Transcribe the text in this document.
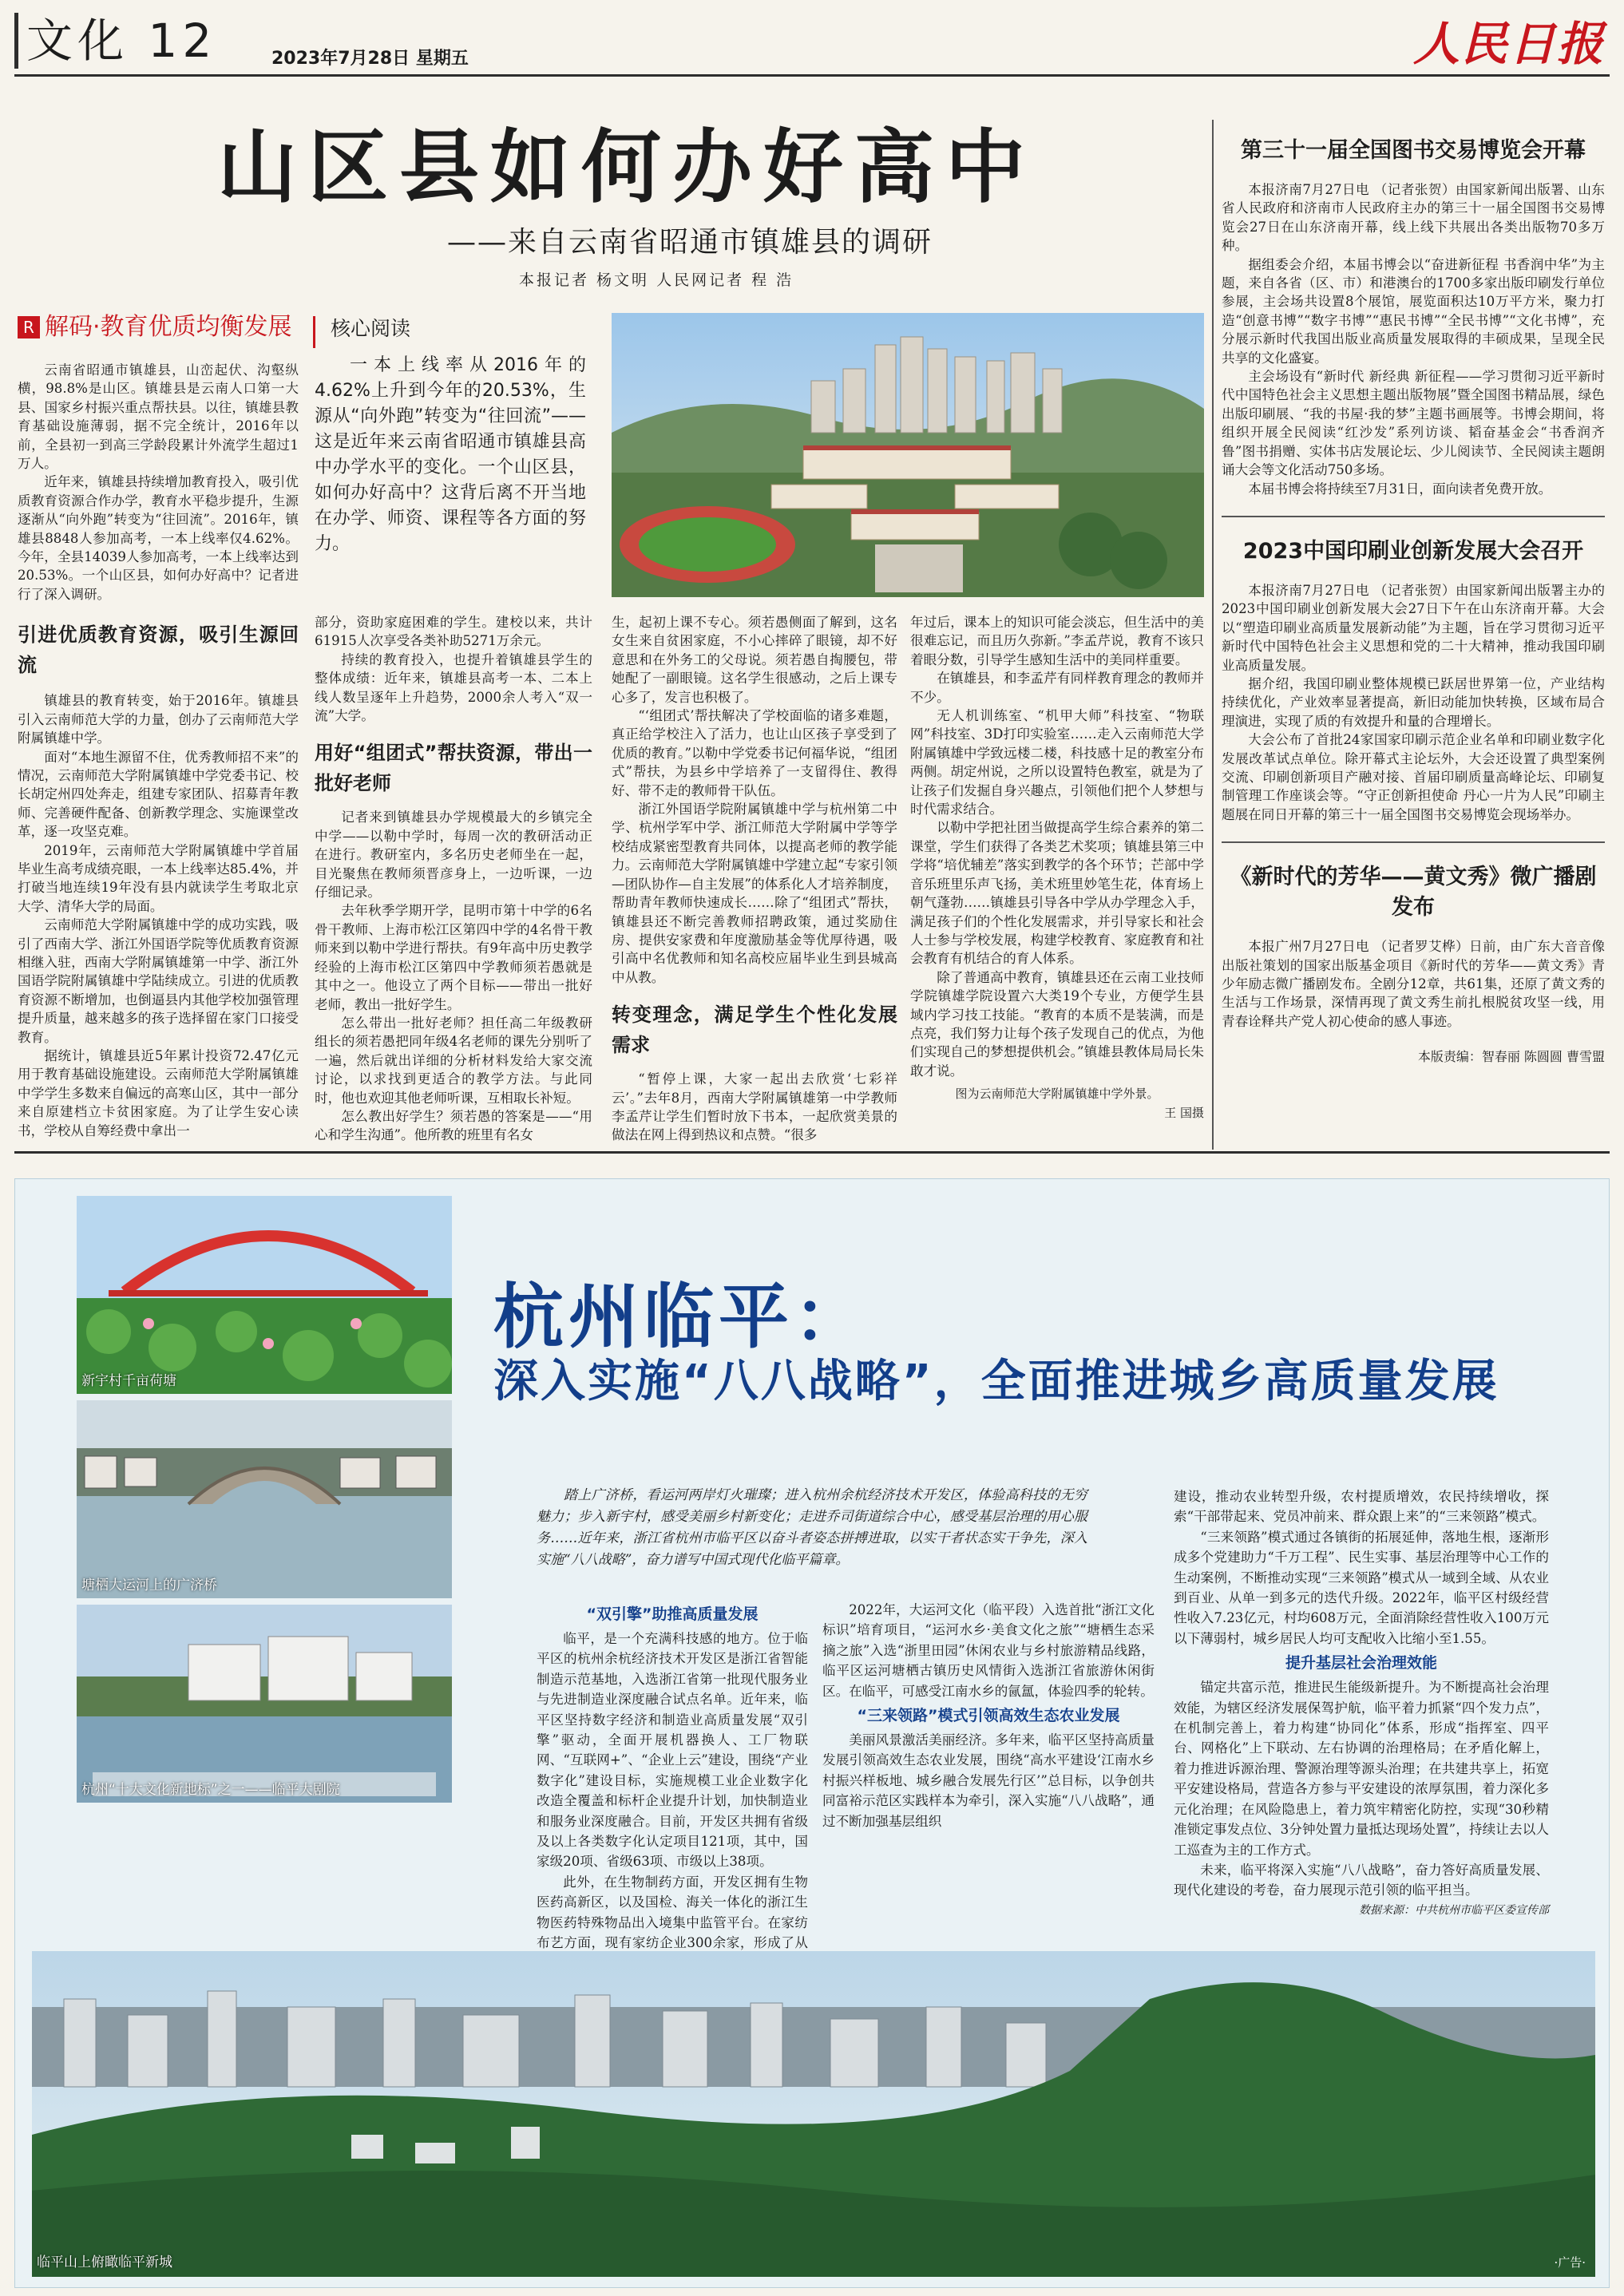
文化 12	2023年7月28日 星期五	人民日报
山区县如何办好高中
——来自云南省昭通市镇雄县的调研
本报记者 杨文明 人民网记者 程 浩
R 解码·教育优质均衡发展	核心阅读
一本上线率从2016年的4.62%上升到今年的20.53%，生源从“向外跑”转变为“往回流”——这是近年来云南省昭通市镇雄县高中办学水平的变化。一个山区县，如何办好高中？这背后离不开当地在办学、师资、课程等各方面的努力。

云南省昭通市镇雄县，山峦起伏、沟壑纵横，98.8%是山区。镇雄县是云南人口第一大县、国家乡村振兴重点帮扶县。以往，镇雄县教育基础设施薄弱，据不完全统计，2016年以前，全县初一到高三学龄段累计外流学生超过1万人。

近年来，镇雄县持续增加教育投入，吸引优质教育资源合作办学，教育水平稳步提升，生源逐渐从“向外跑”转变为“往回流”。2016年，镇雄县8848人参加高考，一本上线率仅4.62%。今年，全县14039人参加高考，一本上线率达到20.53%。一个山区县，如何办好高中？记者进行了深入调研。

引进优质教育资源，吸引生源回流

镇雄县的教育转变，始于2016年。镇雄县引入云南师范大学的力量，创办了云南师范大学附属镇雄中学。

面对“本地生源留不住，优秀教师招不来”的情况，云南师范大学附属镇雄中学党委书记、校长胡定州四处奔走，组建专家团队、招募青年教师、完善硬件配备、创新教学理念、实施课堂改革，逐一攻坚克难。

2019年，云南师范大学附属镇雄中学首届毕业生高考成绩亮眼，一本上线率达85.4%，并打破当地连续19年没有县内就读学生考取北京大学、清华大学的局面。

云南师范大学附属镇雄中学的成功实践，吸引了西南大学、浙江外国语学院等优质教育资源相继入驻，西南大学附属镇雄第一中学、浙江外国语学院附属镇雄中学陆续成立。引进的优质教育资源不断增加，也倒逼县内其他学校加强管理提升质量，越来越多的孩子选择留在家门口接受教育。

据统计，镇雄县近5年累计投资72.47亿元用于教育基础设施建设。云南师范大学附属镇雄中学学生多数来自偏远的高寒山区，其中一部分来自原建档立卡贫困家庭。为了让学生安心读书，学校从自筹经费中拿出一

部分，资助家庭困难的学生。建校以来，共计61915人次享受各类补助5271万余元。

持续的教育投入，也提升着镇雄县学生的整体成绩：近年来，镇雄县高考一本、二本上线人数呈逐年上升趋势，2000余人考入“双一流”大学。

用好“组团式”帮扶资源，带出一批好老师

记者来到镇雄县办学规模最大的乡镇完全中学——以勒中学时，每周一次的教研活动正在进行。教研室内，多名历史老师坐在一起，目光聚焦在教师须晋彦身上，一边听课，一边仔细记录。

去年秋季学期开学，昆明市第十中学的6名骨干教师、上海市松江区第四中学的4名骨干教师来到以勒中学进行帮扶。有9年高中历史教学经验的上海市松江区第四中学教师须若愚就是其中之一。他设立了两个目标——带出一批好老师，教出一批好学生。

怎么带出一批好老师？担任高二年级教研组长的须若愚把同年级4名老师的课先分别听了一遍，然后就出详细的分析材料发给大家交流讨论，以求找到更适合的教学方法。与此同时，他也欢迎其他老师听课，互相取长补短。

怎么教出好学生？须若愚的答案是——“用心和学生沟通”。他所教的班里有名女

生，起初上课不专心。须若愚侧面了解到，这名女生来自贫困家庭，不小心摔碎了眼镜，却不好意思和在外务工的父母说。须若愚自掏腰包，带她配了一副眼镜。这名学生很感动，之后上课专心多了，发言也积极了。

“‘组团式’帮扶解决了学校面临的诸多难题，真正给学校注入了活力，也让山区孩子享受到了优质的教育。”以勒中学党委书记何福华说，“组团式”帮扶，为县乡中学培养了一支留得住、教得好、带不走的教师骨干队伍。

浙江外国语学院附属镇雄中学与杭州第二中学、杭州学军中学、浙江师范大学附属中学等学校结成紧密型教育共同体，以提高老师的教学能力。云南师范大学附属镇雄中学建立起“专家引领—团队协作—自主发展”的体系化人才培养制度，帮助青年教师快速成长……除了“组团式”帮扶，镇雄县还不断完善教师招聘政策，通过奖励住房、提供安家费和年度激励基金等优厚待遇，吸引高中名优教师和知名高校应届毕业生到县城高中从教。

转变理念，满足学生个性化发展需求

“暂停上课，大家一起出去欣赏‘七彩祥云’。”去年8月，西南大学附属镇雄第一中学教师李孟芹让学生们暂时放下书本，一起欣赏美景的做法在网上得到热议和点赞。“很多

年过后，课本上的知识可能会淡忘，但生活中的美很难忘记，而且历久弥新。”李孟芹说，教育不该只着眼分数，引导学生感知生活中的美同样重要。

在镇雄县，和李孟芹有同样教育理念的教师并不少。

无人机训练室、“机甲大师”科技室、“物联网”科技室、3D打印实验室……走入云南师范大学附属镇雄中学致远楼二楼，科技感十足的教室分布两侧。胡定州说，之所以设置特色教室，就是为了让孩子们发掘自身兴趣点，引领他们把个人梦想与时代需求结合。

以勒中学把社团当做提高学生综合素养的第二课堂，学生们获得了各类艺术奖项；镇雄县第三中学将“培优辅差”落实到教学的各个环节；芒部中学音乐班里乐声飞扬，美术班里妙笔生花，体育场上朝气蓬勃……镇雄县引导各中学从办学理念入手，满足孩子们的个性化发展需求，并引导家长和社会人士参与学校发展，构建学校教育、家庭教育和社会教育有机结合的育人体系。

除了普通高中教育，镇雄县还在云南工业技师学院镇雄学院设置六大类19个专业，方便学生县域内学习技工技能。“教育的本质不是装满，而是点亮，我们努力让每个孩子发现自己的优点，为他们实现自己的梦想提供机会。”镇雄县教体局局长朱敢才说。

图为云南师范大学附属镇雄中学外景。

王 国摄

第三十一届全国图书交易博览会开幕

本报济南7月27日电 （记者张贺）由国家新闻出版署、山东省人民政府和济南市人民政府主办的第三十一届全国图书交易博览会27日在山东济南开幕，线上线下共展出各类出版物70多万种。

据组委会介绍，本届书博会以“奋进新征程 书香润中华”为主题，来自各省（区、市）和港澳台的1700多家出版印刷发行单位参展，主会场共设置8个展馆，展览面积达10万平方米，聚力打造“创意书博”“数字书博”“惠民书博”“全民书博”“文化书博”，充分展示新时代我国出版业高质量发展取得的丰硕成果，呈现全民共享的文化盛宴。

主会场设有“新时代 新经典 新征程——学习贯彻习近平新时代中国特色社会主义思想主题出版物展”暨全国图书精品展，绿色出版印刷展、“我的书屋·我的梦”主题书画展等。书博会期间，将组织开展全民阅读“红沙发”系列访谈、韬奋基金会“书香润齐鲁”图书捐赠、实体书店发展论坛、少儿阅读节、全民阅读主题朗诵大会等文化活动750多场。

本届书博会将持续至7月31日，面向读者免费开放。

2023中国印刷业创新发展大会召开

本报济南7月27日电 （记者张贺）由国家新闻出版署主办的2023中国印刷业创新发展大会27日下午在山东济南开幕。大会以“塑造印刷业高质量发展新动能”为主题，旨在学习贯彻习近平新时代中国特色社会主义思想和党的二十大精神，推动我国印刷业高质量发展。

据介绍，我国印刷业整体规模已跃居世界第一位，产业结构持续优化，产业效率显著提高，新旧动能加快转换，区域布局合理演进，实现了质的有效提升和量的合理增长。

大会公布了首批24家国家印刷示范企业名单和印刷业数字化发展改革试点单位。除开幕式主论坛外，大会还设置了典型案例交流、印刷创新项目产融对接、首届印刷质量高峰论坛、印刷复制管理工作座谈会等。“守正创新担使命 丹心一片为人民”印刷主题展在同日开幕的第三十一届全国图书交易博览会现场举办。

《新时代的芳华——黄文秀》微广播剧发布

本报广州7月27日电 （记者罗艾桦）日前，由广东大音音像出版社策划的国家出版基金项目《新时代的芳华——黄文秀》青少年励志微广播剧发布。全剧分12章，共61集，还原了黄文秀的生活与工作场景，深情再现了黄文秀生前扎根脱贫攻坚一线，用青春诠释共产党人初心使命的感人事迹。

本版责编：智春丽 陈圆圆 曹雪盟
新宇村千亩荷塘
塘栖大运河上的广济桥
杭州“十大文化新地标”之一——临平大剧院
杭州临平：
深入实施“八八战略”，全面推进城乡高质量发展
踏上广济桥，看运河两岸灯火璀璨；进入杭州余杭经济技术开发区，体验高科技的无穷魅力；步入新宇村，感受美丽乡村新变化；走进乔司街道综合中心，感受基层治理的用心服务……近年来，浙江省杭州市临平区以奋斗者姿态拼搏进取，以实干者状态实干争先，深入实施“八八战略”，奋力谱写中国式现代化临平篇章。
“双引擎”助推高质量发展

临平，是一个充满科技感的地方。位于临平区的杭州余杭经济技术开发区是浙江省智能制造示范基地，入选浙江省第一批现代服务业与先进制造业深度融合试点名单。近年来，临平区坚持数字经济和制造业高质量发展“双引擎”驱动，全面开展机器换人、工厂物联网、“互联网+”、“企业上云”建设，围绕“产业数字化”建设目标，实施规模工业企业数字化改造全覆盖和标杆企业提升计划，加快制造业和服务业深度融合。目前，开发区共拥有省级及以上各类数字化认定项目121项，其中，国家级20项、省级63项、市级以上38项。

此外，在生物制药方面，开发区拥有生物医药高新区，以及国检、海关一体化的浙江生物医药特殊物品出入境集中监管平台。在家纺布艺方面，现有家纺企业300余家，形成了从

2022年，大运河文化（临平段）入选首批“浙江文化标识”培育项目，“运河水乡·美食文化之旅”“塘栖生态采摘之旅”入选“浙里田园”休闲农业与乡村旅游精品线路，临平区运河塘栖古镇历史风情街入选浙江省旅游休闲街区。在临平，可感受江南水乡的氤氲，体验四季的轮转。

“三来领路”模式引领高效生态农业发展

美丽风景激活美丽经济。多年来，临平区坚持高质量发展引领高效生态农业发展，围绕“高水平建设‘江南水乡村振兴样板地、城乡融合发展先行区’”总目标，以争创共同富裕示范区实践样本为牵引，深入实施“八八战略”，通过不断加强基层组织

建设，推动农业转型升级，农村提质增效，农民持续增收，探索“干部带起来、党员冲前来、群众跟上来”的“三来领路”模式。

“三来领路”模式通过各镇街的拓展延伸，落地生根，逐渐形成多个党建助力“千万工程”、民生实事、基层治理等中心工作的生动案例，不断推动实现“三来领路”模式从一域到全域、从农业到百业、从单一到多元的迭代升级。2022年，临平区村级经营性收入7.23亿元，村均608万元，全面消除经营性收入100万元以下薄弱村，城乡居民人均可支配收入比缩小至1.55。

提升基层社会治理效能

锚定共富示范，推进民生能级新提升。为不断提高社会治理效能，为辖区经济发展保驾护航，临平着力抓紧“四个发力点”，在机制完善上，着力构建“协同化”体系，形成“指挥室、四平台、网格化”上下联动、左右协调的治理格局；在矛盾化解上，着力推进诉源治理、警源治理等源头治理；在共建共享上，拓宽平安建设格局，营造各方参与平安建设的浓厚氛围，着力深化多元化治理；在风险隐患上，着力筑牢精密化防控，实现“30秒精准锁定事发点位、3分钟处置力量抵达现场处置”，持续让去以人工巡查为主的工作方式。

未来，临平将深入实施“八八战略”，奋力答好高质量发展、现代化建设的考卷，奋力展现示范引领的临平担当。

数据来源：中共杭州市临平区委宣传部

临平山上俯瞰临平新城	·广告·
